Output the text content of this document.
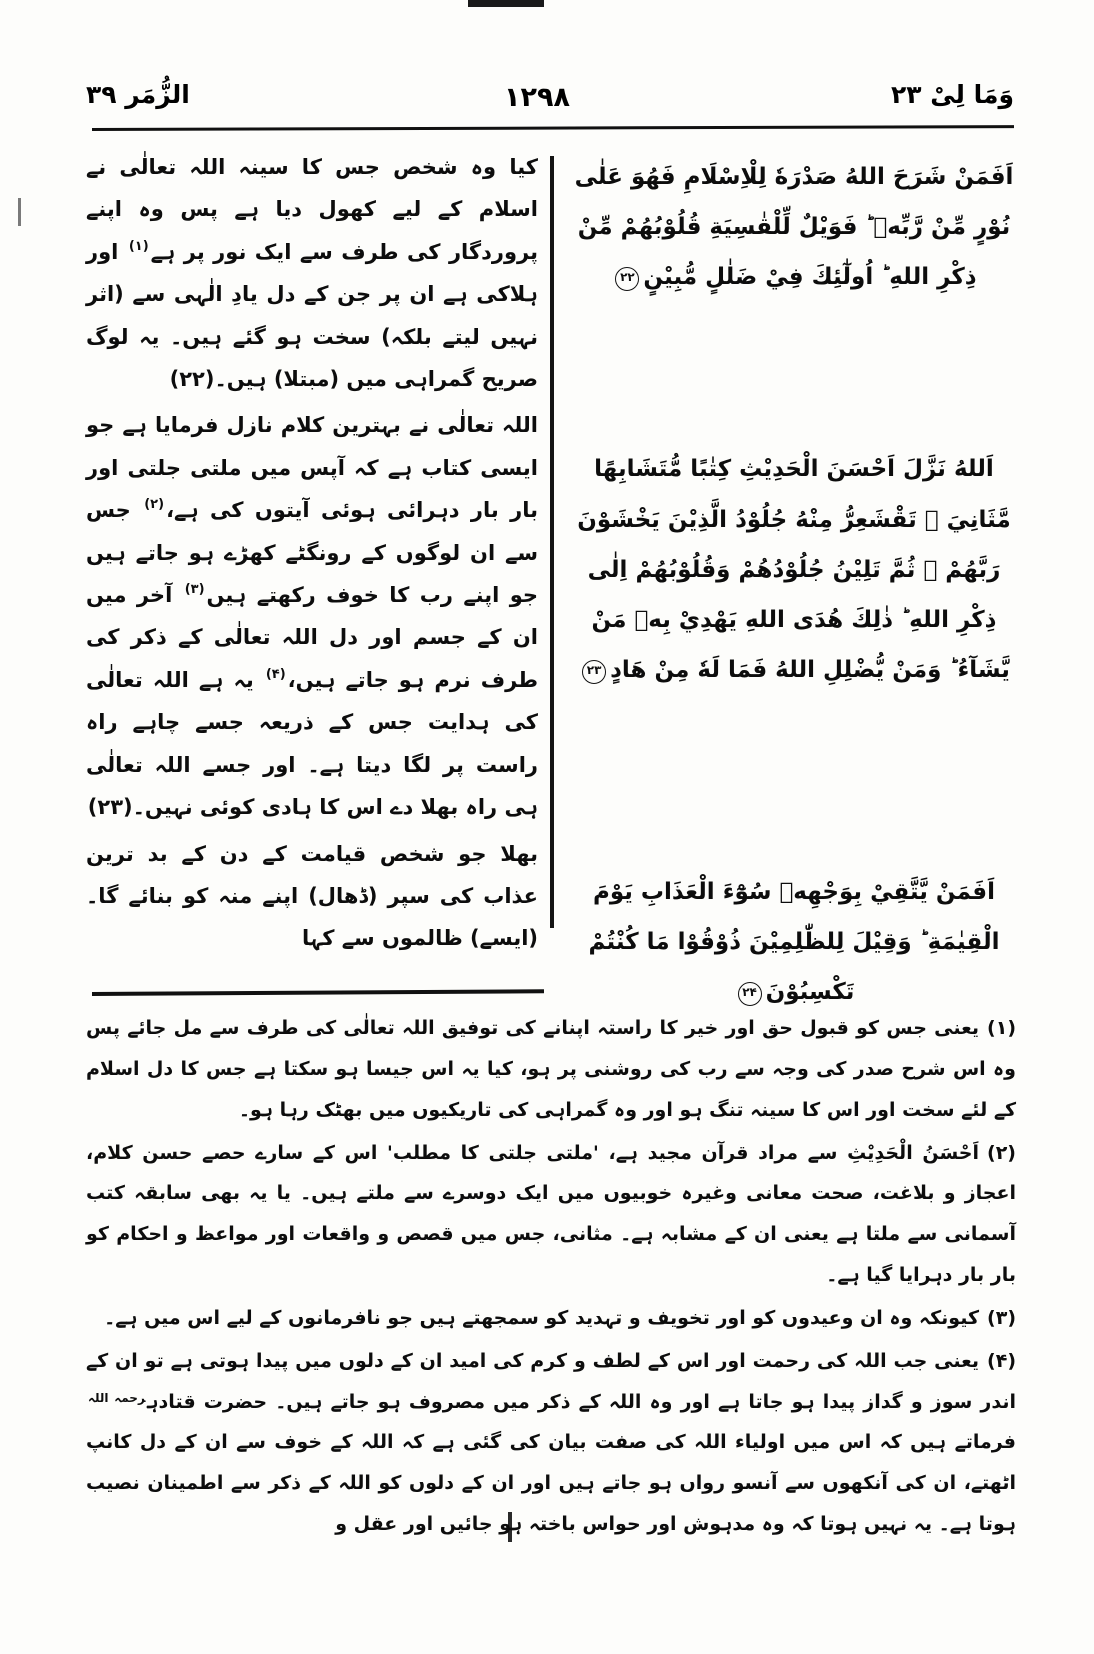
الزُّمَر ۳۹	۱۲۹۸	وَمَا لِیْ ۲۳

کیا وہ شخص جس کا سینہ اللہ تعالٰی نے اسلام کے لیے کھول دیا ہے پس وہ اپنے پروردگار کی طرف سے ایک نور پر ہے$^{(۱)}$ اور ہلاکی ہے ان پر جن کے دل یادِ الٰہی سے (اثر نہیں لیتے بلکہ) سخت ہو گئے ہیں۔ یہ لوگ صریح گمراہی میں (مبتلا) ہیں۔(۲۲)

اللہ تعالٰی نے بہترین کلام نازل فرمایا ہے جو ایسی کتاب ہے کہ آپس میں ملتی جلتی اور بار بار دہرائی ہوئی آیتوں کی ہے،$^{(۲)}$ جس سے ان لوگوں کے رونگٹے کھڑے ہو جاتے ہیں جو اپنے رب کا خوف رکھتے ہیں$^{(۳)}$ آخر میں ان کے جسم اور دل اللہ تعالٰی کے ذکر کی طرف نرم ہو جاتے ہیں،$^{(۴)}$ یہ ہے اللہ تعالٰی کی ہدایت جس کے ذریعہ جسے چاہے راہ راست پر لگا دیتا ہے۔ اور جسے اللہ تعالٰی ہی راہ بھلا دے اس کا ہادی کوئی نہیں۔(۲۳)

بھلا جو شخص قیامت کے دن کے بد ترین عذاب کی سپر (ڈھال) اپنے منہ کو بنائے گا۔ (ایسے) ظالموں سے کہا

اَفَمَنْ شَرَحَ اللهُ صَدْرَهٗ لِلْاِسْلَامِ فَهُوَ عَلٰى نُوْرٍ مِّنْ رَّبِّهٖ ؕ فَوَيْلٌ لِّلْقٰسِيَةِ قُلُوْبُهُمْ مِّنْ ذِكْرِ اللهِ ؕ اُولٰٓئِكَ فِيْ ضَلٰلٍ مُّبِيْنٍ۲۲
اَللهُ نَزَّلَ اَحْسَنَ الْحَدِيْثِ كِتٰبًا مُّتَشَابِهًا مَّثَانِيَ ۙ تَقْشَعِرُّ مِنْهُ جُلُوْدُ الَّذِيْنَ يَخْشَوْنَ رَبَّهُمْ ۚ ثُمَّ تَلِيْنُ جُلُوْدُهُمْ وَقُلُوْبُهُمْ اِلٰى ذِكْرِ اللهِ ؕ ذٰلِكَ هُدَى اللهِ يَهْدِيْ بِهٖ مَنْ يَّشَآءُ ؕ وَمَنْ يُّضْلِلِ اللهُ فَمَا لَهٗ مِنْ هَادٍ۲۳
اَفَمَنْ يَّتَّقِيْ بِوَجْهِهٖ سُوْٓءَ الْعَذَابِ يَوْمَ الْقِيٰمَةِ ؕ وَقِيْلَ لِلظّٰلِمِيْنَ ذُوْقُوْا مَا كُنْتُمْ تَكْسِبُوْنَ۲۴

(۱)یعنی جس کو قبول حق اور خیر کا راستہ اپنانے کی توفیق اللہ تعالٰی کی طرف سے مل جائے پس وہ اس شرح صدر کی وجہ سے رب کی روشنی پر ہو، کیا یہ اس جیسا ہو سکتا ہے جس کا دل اسلام کے لئے سخت اور اس کا سینہ تنگ ہو اور وہ گمراہی کی تاریکیوں میں بھٹک رہا ہو۔

(۲)اَحْسَنُ الْحَدِیْثِ سے مراد قرآن مجید ہے، 'ملتی جلتی کا مطلب' اس کے سارے حصے حسن کلام، اعجاز و بلاغت، صحت معانی وغیرہ خوبیوں میں ایک دوسرے سے ملتے ہیں۔ یا یہ بھی سابقہ کتب آسمانی سے ملتا ہے یعنی ان کے مشابہ ہے۔ مثانی، جس میں قصص و واقعات اور مواعظ و احکام کو بار بار دہرایا گیا ہے۔

(۳)کیونکہ وہ ان وعیدوں کو اور تخویف و تہدید کو سمجھتے ہیں جو نافرمانوں کے لیے اس میں ہے۔

(۴)یعنی جب اللہ کی رحمت اور اس کے لطف و کرم کی امید ان کے دلوں میں پیدا ہوتی ہے تو ان کے اندر سوز و گداز پیدا ہو جاتا ہے اور وہ اللہ کے ذکر میں مصروف ہو جاتے ہیں۔ حضرت قتادہ$^{رحمہ اللہ}$ فرماتے ہیں کہ اس میں اولیاء اللہ کی صفت بیان کی گئی ہے کہ اللہ کے خوف سے ان کے دل کانپ اٹھتے، ان کی آنکھوں سے آنسو رواں ہو جاتے ہیں اور ان کے دلوں کو اللہ کے ذکر سے اطمینان نصیب ہوتا ہے۔ یہ نہیں ہوتا کہ وہ مدہوش اور حواس باختہ ہو جائیں اور عقل و
